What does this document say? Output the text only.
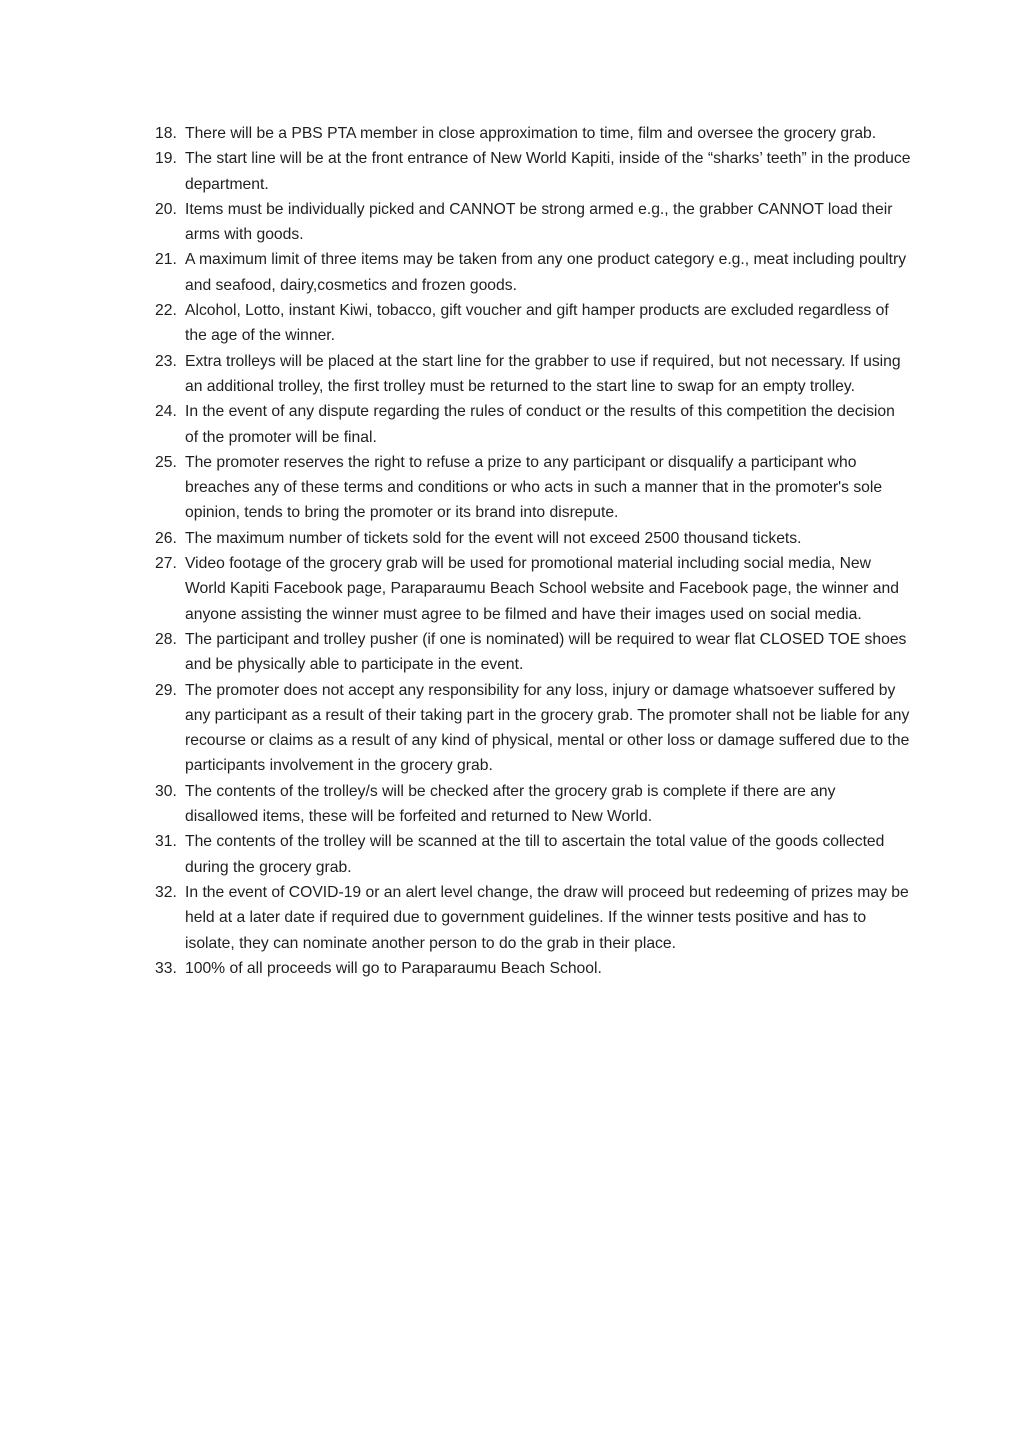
18. There will be a PBS PTA member in close approximation to time, film and oversee the grocery grab.
19. The start line will be at the front entrance of New World Kapiti, inside of the “sharks’ teeth” in the produce department.
20. Items must be individually picked and CANNOT be strong armed e.g., the grabber CANNOT load their arms with goods.
21. A maximum limit of three items may be taken from any one product category e.g., meat including poultry and seafood, dairy,cosmetics and frozen goods.
22. Alcohol, Lotto, instant Kiwi, tobacco, gift voucher and gift hamper products are excluded regardless of the age of the winner.
23. Extra trolleys will be placed at the start line for the grabber to use if required, but not necessary. If using an additional trolley, the first trolley must be returned to the start line to swap for an empty trolley.
24. In the event of any dispute regarding the rules of conduct or the results of this competition the decision of the promoter will be final.
25. The promoter reserves the right to refuse a prize to any participant or disqualify a participant who breaches any of these terms and conditions or who acts in such a manner that in the promoter's sole opinion, tends to bring the promoter or its brand into disrepute.
26. The maximum number of tickets sold for the event will not exceed 2500 thousand tickets.
27. Video footage of the grocery grab will be used for promotional material including social media, New World Kapiti Facebook page, Paraparaumu Beach School website and Facebook page, the winner and anyone assisting the winner must agree to be filmed and have their images used on social media.
28. The participant and trolley pusher (if one is nominated) will be required to wear flat CLOSED TOE shoes and be physically able to participate in the event.
29. The promoter does not accept any responsibility for any loss, injury or damage whatsoever suffered by any participant as a result of their taking part in the grocery grab. The promoter shall not be liable for any recourse or claims as a result of any kind of physical, mental or other loss or damage suffered due to the participants involvement in the grocery grab.
30. The contents of the trolley/s will be checked after the grocery grab is complete if there are any disallowed items, these will be forfeited and returned to New World.
31. The contents of the trolley will be scanned at the till to ascertain the total value of the goods collected during the grocery grab.
32. In the event of COVID-19 or an alert level change, the draw will proceed but redeeming of prizes may be held at a later date if required due to government guidelines. If the winner tests positive and has to isolate, they can nominate another person to do the grab in their place.
33. 100% of all proceeds will go to Paraparaumu Beach School.
